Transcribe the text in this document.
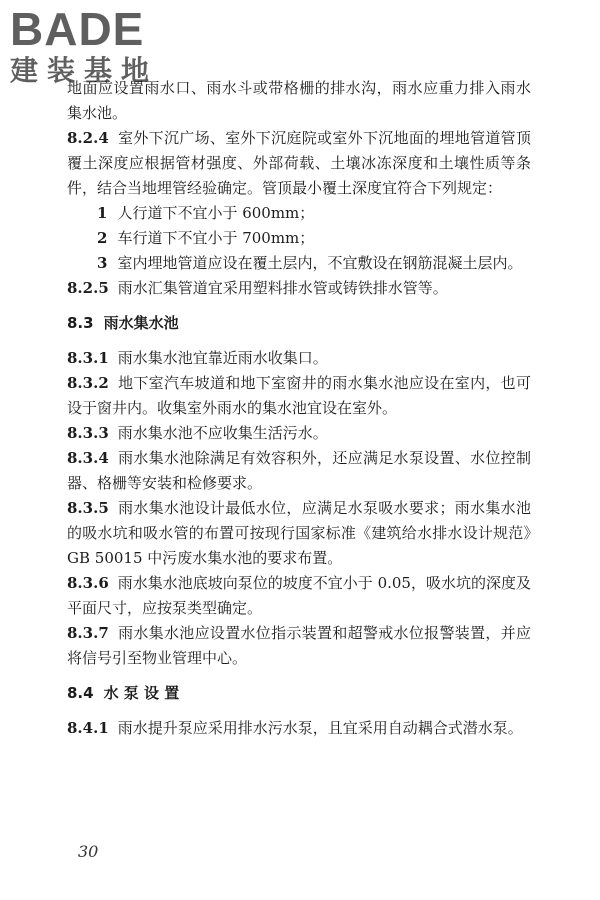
BADE
建装基地

地面应设置雨水口、雨水斗或带格栅的排水沟，雨水应重力排入雨水集水池。

8.2.4 室外下沉广场、室外下沉庭院或室外下沉地面的埋地管道管顶覆土深度应根据管材强度、外部荷载、土壤冰冻深度和土壤性质等条件，结合当地埋管经验确定。管顶最小覆土深度宜符合下列规定：

1 人行道下不宜小于 600mm；

2 车行道下不宜小于 700mm；

3 室内埋地管道应设在覆土层内，不宜敷设在钢筋混凝土层内。

8.2.5 雨水汇集管道宜采用塑料排水管或铸铁排水管等。

8.3 雨水集水池

8.3.1 雨水集水池宜靠近雨水收集口。

8.3.2 地下室汽车坡道和地下室窗井的雨水集水池应设在室内，也可设于窗井内。收集室外雨水的集水池宜设在室外。

8.3.3 雨水集水池不应收集生活污水。

8.3.4 雨水集水池除满足有效容积外，还应满足水泵设置、水位控制器、格栅等安装和检修要求。

8.3.5 雨水集水池设计最低水位，应满足水泵吸水要求；雨水集水池的吸水坑和吸水管的布置可按现行国家标准《建筑给水排水设计规范》GB 50015 中污废水集水池的要求布置。

8.3.6 雨水集水池底坡向泵位的坡度不宜小于 0.05，吸水坑的深度及平面尺寸，应按泵类型确定。

8.3.7 雨水集水池应设置水位指示装置和超警戒水位报警装置，并应将信号引至物业管理中心。

8.4 水 泵 设 置

8.4.1 雨水提升泵应采用排水污水泵，且宜采用自动耦合式潜水泵。

30
